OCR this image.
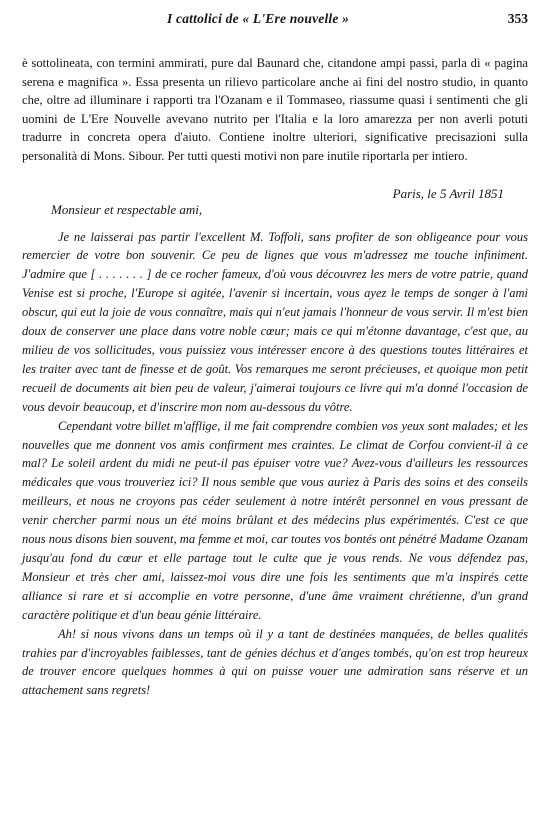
I cattolici de « L'Ere nouvelle »	353

è sottolineata, con termini ammirati, pure dal Baunard che, citandone ampi passi, parla di « pagina serena e magnifica ». Essa presenta un rilievo particolare anche ai fini del nostro studio, in quanto che, oltre ad illuminare i rapporti tra l'Ozanam e il Tommaseo, riassume quasi i sentimenti che gli uomini de L'Ere Nouvelle avevano nutrito per l'Italia e la loro amarezza per non averli potuti tradurre in concreta opera d'aiuto. Contiene inoltre ulteriori, significative precisazioni sulla personalità di Mons. Sibour. Per tutti questi motivi non pare inutile riportarla per intiero.

Paris, le 5 Avril 1851
Monsieur et respectable ami,

Je ne laisserai pas partir l'excellent M. Toffoli, sans profiter de son obligeance pour vous remercier de votre bon souvenir. Ce peu de lignes que vous m'adressez me touche infiniment. J'admire que [ . . . . . . . ] de ce rocher fameux, d'où vous découvrez les mers de votre patrie, quand Venise est si proche, l'Europe si agitée, l'avenir si incertain, vous ayez le temps de songer à l'ami obscur, qui eut la joie de vous connaître, mais qui n'eut jamais l'honneur de vous servir. Il m'est bien doux de conserver une place dans votre noble cœur; mais ce qui m'étonne davantage, c'est que, au milieu de vos sollicitudes, vous puissiez vous intéresser encore à des questions toutes littéraires et les traiter avec tant de finesse et de goût. Vos remarques me seront précieuses, et quoique mon petit recueil de documents ait bien peu de valeur, j'aimerai toujours ce livre qui m'a donné l'occasion de vous devoir beaucoup, et d'inscrire mon nom au-dessous du vôtre.

Cependant votre billet m'afflige, il me fait comprendre combien vos yeux sont malades; et les nouvelles que me donnent vos amis confirment mes craintes. Le climat de Corfou convient-il à ce mal? Le soleil ardent du midi ne peut-il pas épuiser votre vue? Avez-vous d'ailleurs les ressources médicales que vous trouveriez ici? Il nous semble que vous auriez à Paris des soins et des conseils meilleurs, et nous ne croyons pas céder seulement à notre intérêt personnel en vous pressant de venir chercher parmi nous un été moins brûlant et des médecins plus expérimentés. C'est ce que nous nous disons bien souvent, ma femme et moi, car toutes vos bontés ont pénétré Madame Ozanam jusqu'au fond du cœur et elle partage tout le culte que je vous rends. Ne vous défendez pas, Monsieur et très cher ami, laissez-moi vous dire une fois les sentiments que m'a inspirés cette alliance si rare et si accomplie en votre personne, d'une âme vraiment chrétienne, d'un grand caractère politique et d'un beau génie littéraire.

Ah! si nous vivons dans un temps où il y a tant de destinées manquées, de belles qualités trahies par d'incroyables faiblesses, tant de génies déchus et d'anges tombés, qu'on est trop heureux de trouver encore quelques hommes à qui on puisse vouer une admiration sans réserve et un attachement sans regrets!
